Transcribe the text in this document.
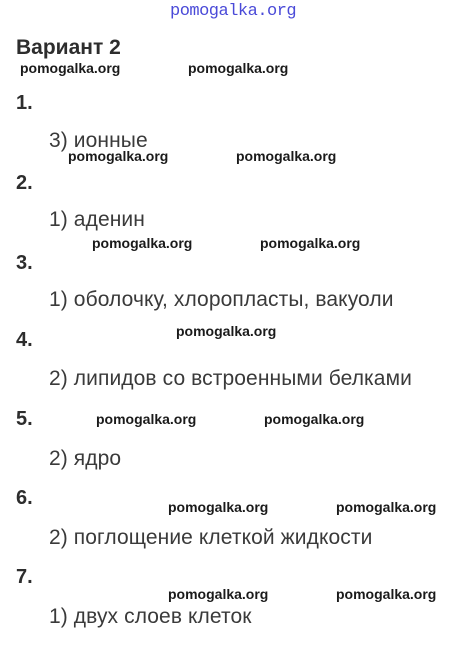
pomogalka.org
Вариант 2
pomogalka.org	pomogalka.org
1.
3) ионные
pomogalka.org	pomogalka.org
2.
1) аденин
pomogalka.org	pomogalka.org
3.
1) оболочку, хлоропласты, вакуоли
pomogalka.org
4.
2) липидов со встроенными белками
5.	pomogalka.org	pomogalka.org
2) ядро
6.	pomogalka.org	pomogalka.org
2) поглощение клеткой жидкости
7.
pomogalka.org	pomogalka.org
1) двух слоев клеток
